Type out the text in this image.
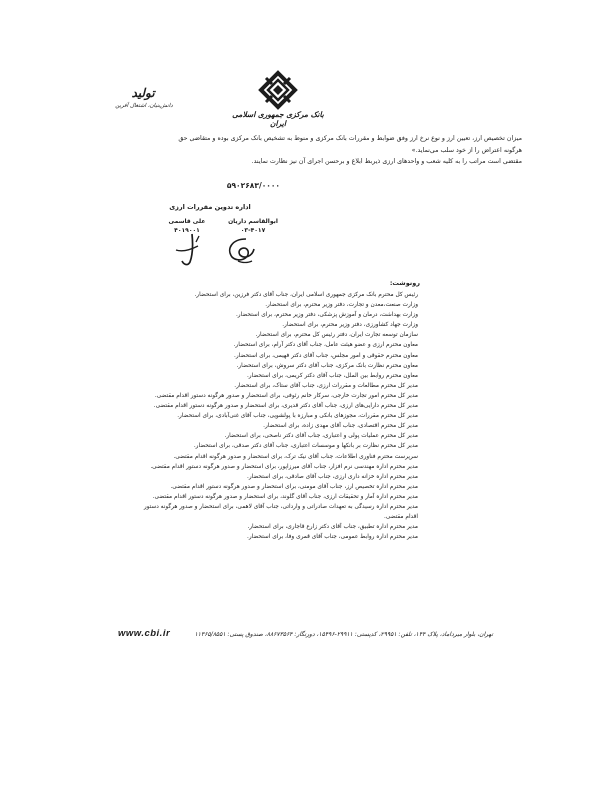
بانک مرکزی جمهوری اسلامی ایران
تولید
دانش‌بنیان، اشتغال آفرین

میزان تخصیص ارز، تعیین ارز و نوع نرخ ارز وفق ضوابط و مقررات بانک مرکزی و منوط به تشخیص بانک مرکزی بوده و متقاضی حق هرگونه اعتراض را از خود سلب می‌نماید.»

مقتضی است مراتب را به کلیه شعب و واحدهای ارزی ذیربط ابلاغ و برحسن اجرای آن نیز نظارت نمایند.

۵۹۰۲۶۸۳/۰۰۰۰
اداره تدوین مقررات ارزی
ابوالقاسم داریان
۰۳-۴۰۱۷
علی قاسمی
۴۰۱۹۰۰۱
رونوشت:
رئیس کل محترم بانک مرکزی جمهوری اسلامی ایران، جناب آقای دکتر فرزین، برای استحضار.
وزارت صنعت،معدن و تجارت، دفتر وزیر محترم، برای استحضار.
وزارت بهداشت، درمان و آموزش پزشکی، دفتر وزیر محترم، برای استحضار.
وزارت جهاد کشاورزی، دفتر وزیر محترم، برای استحضار.
سازمان توسعه تجارت ایران، دفتر رئیس کل محترم، برای استحضار.
معاون محترم ارزی و عضو هیئت عامل، جناب آقای دکتر آرام، برای استحضار.
معاون محترم حقوقی و امور مجلس، جناب آقای دکتر فهیمی، برای استحضار.
معاون محترم نظارت بانک مرکزی، جناب آقای دکتر سروش، برای استحضار.
معاون محترم روابط بین الملل، جناب آقای دکتر کریمی، برای استحضار.
مدیر کل محترم مطالعات و مقررات ارزی، جناب آقای ستاک، برای استحضار.
مدیر کل محترم امور تجارت خارجی، سرکار خانم رئوفی، برای استحضار و صدور هرگونه دستور اقدام مقتضی.
مدیر کل محترم دارایی‌های ارزی، جناب آقای دکتر قدیری، برای استحضار و صدور هرگونه دستور اقدام مقتضی.
مدیر کل محترم مقررات، مجوزهای بانکی و مبارزه با پولشویی، جناب آقای غنی‌آبادی، برای استحضار.
مدیر کل محترم اقتصادی، جناب آقای مهدی زاده، برای استحضار.
مدیر کل محترم عملیات پولی و اعتباری، جناب آقای دکتر ناصحی، برای استحضار.
مدیر کل محترم نظارت بر بانکها و موسسات اعتباری، جناب آقای دکتر صدقی، برای استحضار.
سرپرست محترم فناوری اطلاعات، جناب آقای نیک ترک، برای استحضار و صدور هرگونه اقدام مقتضی.
مدیر محترم اداره مهندسی نرم افزار، جناب آقای میرزاپور، برای استحضار و صدور هرگونه دستور اقدام مقتضی.
مدیر محترم اداره خزانه داری ارزی، جناب آقای صادقی، برای استحضار.
مدیر محترم اداره تخصیص ارز، جناب آقای مومنی، برای استحضار و صدور هرگونه دستور اقدام مقتضی.
مدیر محترم اداره آمار و تحقیقات ارزی، جناب آقای گلوند، برای استحضار و صدور هرگونه دستور اقدام مقتضی.
مدیر محترم اداره رسیدگی به تعهدات صادراتی و وارداتی، جناب آقای لاهمی، برای استحضار و صدور هرگونه دستور اقدام مقتضی.
مدیر محترم اداره تطبیق، جناب آقای دکتر زارع قاجاری، برای استحضار.
مدیر محترم اداره روابط عمومی، جناب آقای قمری وفا، برای استحضار.
تهران، بلوار میرداماد، پلاک ۱۴۴، تلفن: ۲۹۹۵۱، کدپستی: ۲۹۹۱۱-۱۵۴۹۶، دورنگار: ۸۸۶۷۳۵۶۴، صندوق پستی: ۱۱۳۶۵/۸۵۵۱
www.cbi.ir
